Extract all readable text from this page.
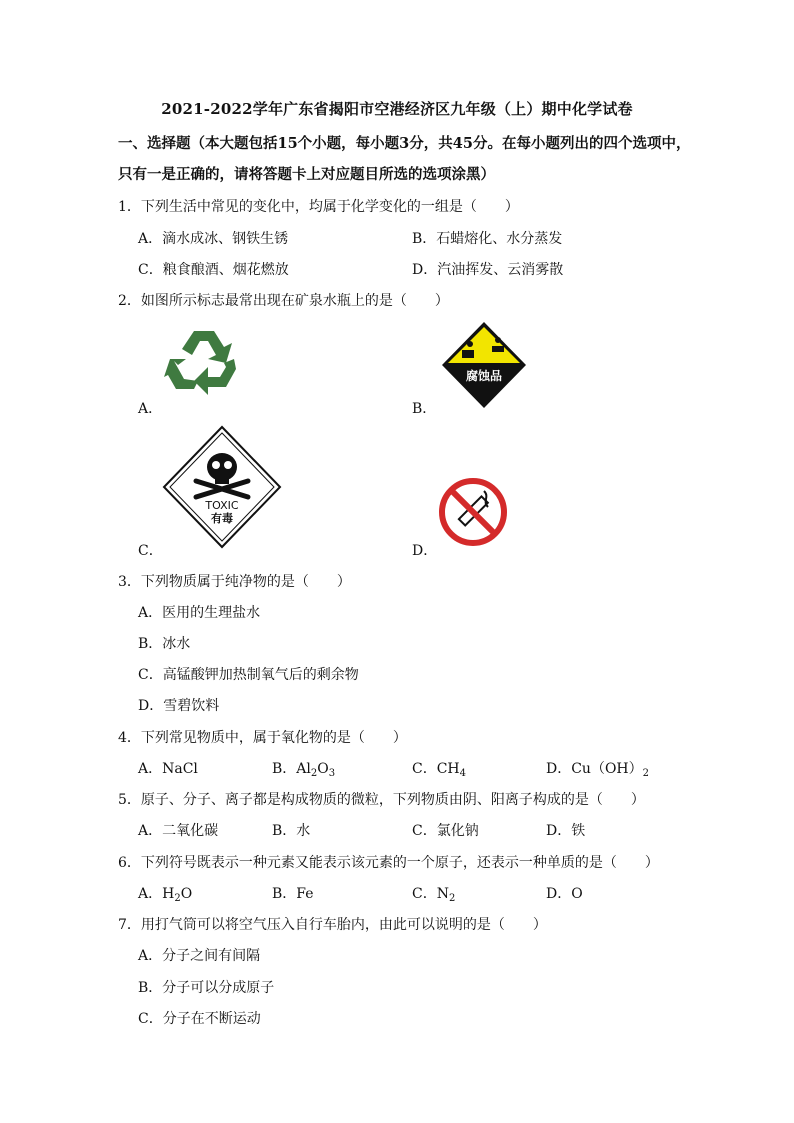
2021-2022学年广东省揭阳市空港经济区九年级（上）期中化学试卷
一、选择题（本大题包括15个小题，每小题3分，共45分。在每小题列出的四个选项中，
只有一是正确的，请将答题卡上对应题目所选的选项涂黑）
1．下列生活中常见的变化中，均属于化学变化的一组是（　　）
A．滴水成冰、钢铁生锈	B．石蜡熔化、水分蒸发
C．粮食酿酒、烟花燃放	D．汽油挥发、云消雾散
2．如图所示标志最常出现在矿泉水瓶上的是（　　）
A．
腐蚀品
B．
TOXIC
有毒
C．	D．
3．下列物质属于纯净物的是（　　）
A．医用的生理盐水
B．冰水
C．高锰酸钾加热制氧气后的剩余物
D．雪碧饮料
4．下列常见物质中，属于氧化物的是（　　）
A．NaCl	B．$Al_2O_3$	C．$CH_4$	D．$Cu(OH)_2$
5．原子、分子、离子都是构成物质的微粒，下列物质由阴、阳离子构成的是（　　）
A．二氧化碳	B．水	C．氯化钠	D．铁
6．下列符号既表示一种元素又能表示该元素的一个原子，还表示一种单质的是（　　）
A．$H_2O$	B．Fe	C．$N_2$	D．O
7．用打气筒可以将空气压入自行车胎内，由此可以说明的是（　　）
A．分子之间有间隔
B．分子可以分成原子
C．分子在不断运动
